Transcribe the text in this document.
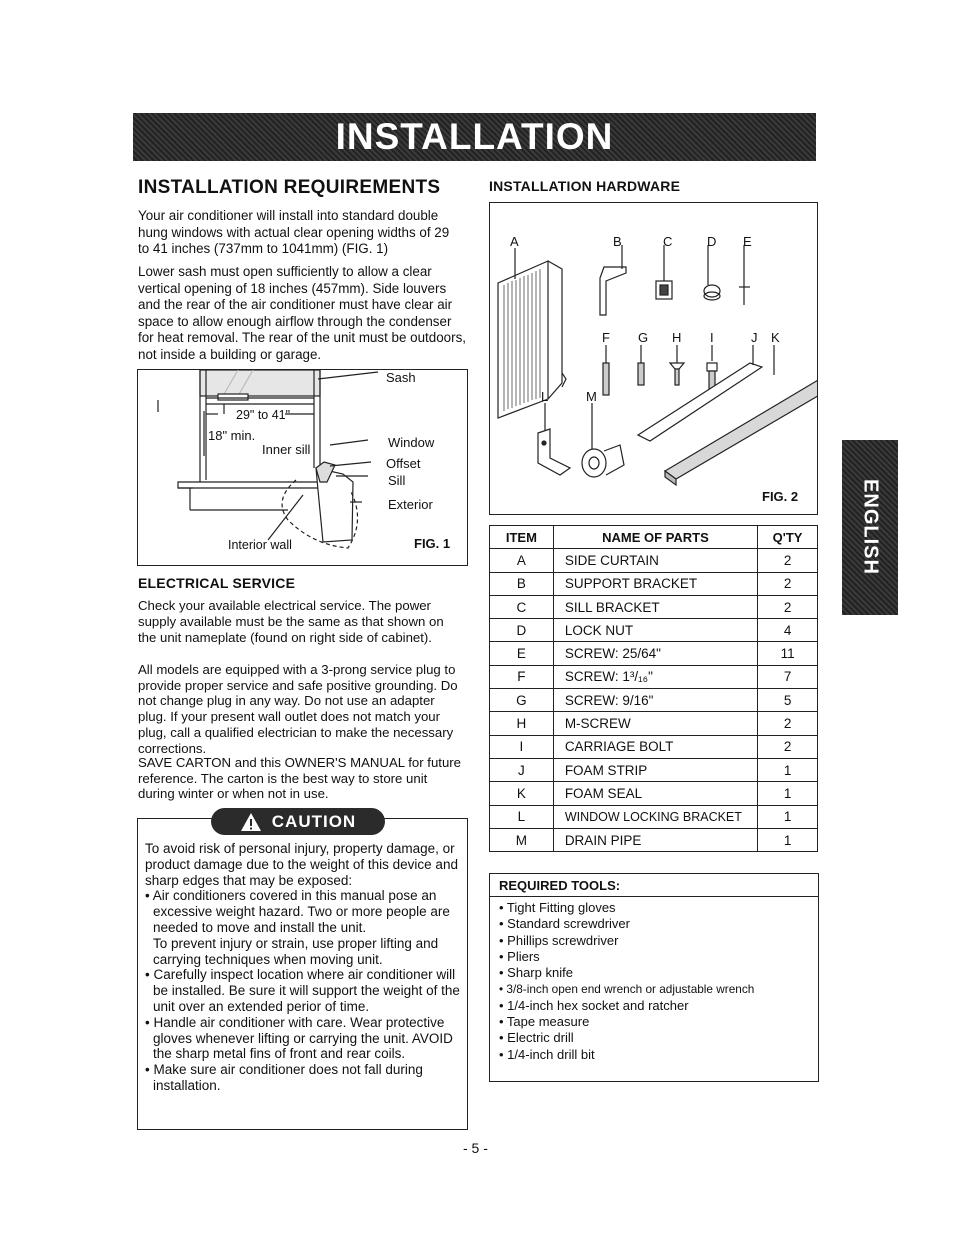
INSTALLATION
ENGLISH
INSTALLATION REQUIREMENTS
Your air conditioner will install into standard double hung windows with actual clear opening widths of 29 to 41 inches (737mm to 1041mm) (FIG. 1)
Lower sash must open sufficiently to allow a clear vertical opening of 18 inches (457mm). Side louvers and the rear of the air conditioner must have clear air space to allow enough airflow through the condenser for heat removal. The rear of the unit must be outdoors, not inside a building or garage.
Sash
29" to 41"
18" min.
Inner sill	Window
Offset
Sill
Exterior
Interior wall	FIG. 1
ELECTRICAL SERVICE
Check your available electrical service. The power supply available must be the same as that shown on the unit nameplate (found on right side of cabinet).
All models are equipped with a 3-prong service plug to provide proper service and safe positive grounding. Do not change plug in any way. Do not use an adapter plug. If your present wall outlet does not match your plug, call a qualified electrician to make the necessary corrections.
SAVE CARTON and this OWNER'S MANUAL for future reference. The carton is the best way to store unit during winter or when not in use.
To avoid risk of personal injury, property damage, or product damage due to the weight of this device and sharp edges that may be exposed:
• Air conditioners covered in this manual pose an excessive weight hazard. Two or more people are needed to move and install the unit.
To prevent injury or strain, use proper lifting and carrying techniques when moving unit.
• Carefully inspect location where air conditioner will be installed. Be sure it will support the weight of the unit over an extended perior of time.
• Handle air conditioner with care. Wear protective gloves whenever lifting or carrying the unit. AVOID the sharp metal fins of front and rear coils.
• Make sure air conditioner does not fall during installation.
CAUTION
INSTALLATION HARDWARE
A	B	C	D E
F G H I	J K
L	M
FIG. 2
ITEM	NAME OF PARTS	Q'TY
A	SIDE CURTAIN	2
B	SUPPORT BRACKET	2
C	SILL BRACKET	2
D	LOCK NUT	4
E	SCREW: 25/64"	11
F	SCREW: 1³/₁₆"	7
G	SCREW: 9/16"	5
H	M-SCREW	2
I	CARRIAGE BOLT	2
J	FOAM STRIP	1
K	FOAM SEAL	1
L	WINDOW LOCKING BRACKET	1
M	DRAIN PIPE	1
REQUIRED TOOLS:
• Tight Fitting gloves
• Standard screwdriver
• Phillips screwdriver
• Pliers
• Sharp knife
• 3/8-inch open end wrench or adjustable wrench
• 1/4-inch hex socket and ratcher
• Tape measure
• Electric drill
• 1/4-inch drill bit
- 5 -
